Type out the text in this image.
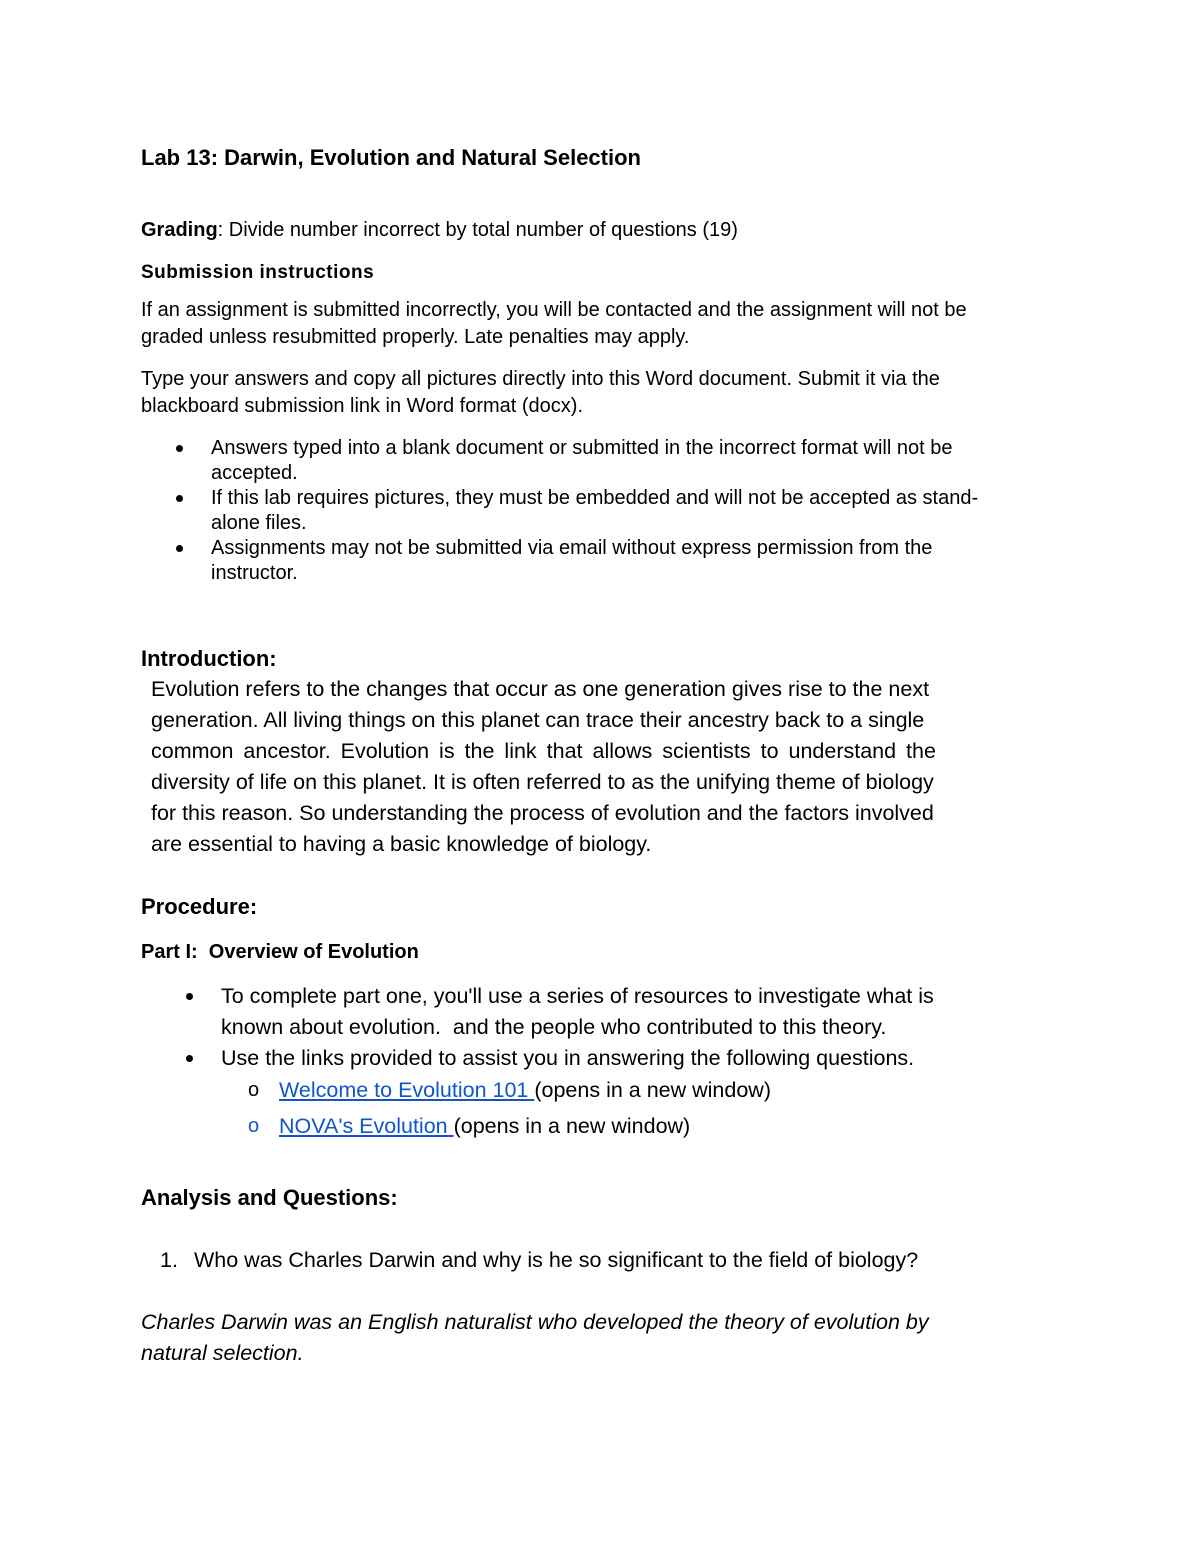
Lab 13: Darwin, Evolution and Natural Selection

Grading: Divide number incorrect by total number of questions (19)

Submission instructions

If an assignment is submitted incorrectly, you will be contacted and the assignment will not be

graded unless resubmitted properly. Late penalties may apply.

Type your answers and copy all pictures directly into this Word document. Submit it via the

blackboard submission link in Word format (docx).

Answers typed into a blank document or submitted in the incorrect format will not be

accepted.

If this lab requires pictures, they must be embedded and will not be accepted as stand-

alone files.

Assignments may not be submitted via email without express permission from the

instructor.

Introduction:

Evolution refers to the changes that occur as one generation gives rise to the next

generation. All living things on this planet can trace their ancestry back to a single

common ancestor. Evolution is the link that allows scientists to understand the

diversity of life on this planet. It is often referred to as the unifying theme of biology

for this reason. So understanding the process of evolution and the factors involved

are essential to having a basic knowledge of biology.

Procedure:

Part I:  Overview of Evolution

To complete part one, you'll use a series of resources to investigate what is

known about evolution.  and the people who contributed to this theory.

Use the links provided to assist you in answering the following questions.

o Welcome to Evolution 101 (opens in a new window)

o NOVA's Evolution (opens in a new window)

Analysis and Questions:

1. Who was Charles Darwin and why is he so significant to the field of biology?

Charles Darwin was an English naturalist who developed the theory of evolution by

natural selection.
